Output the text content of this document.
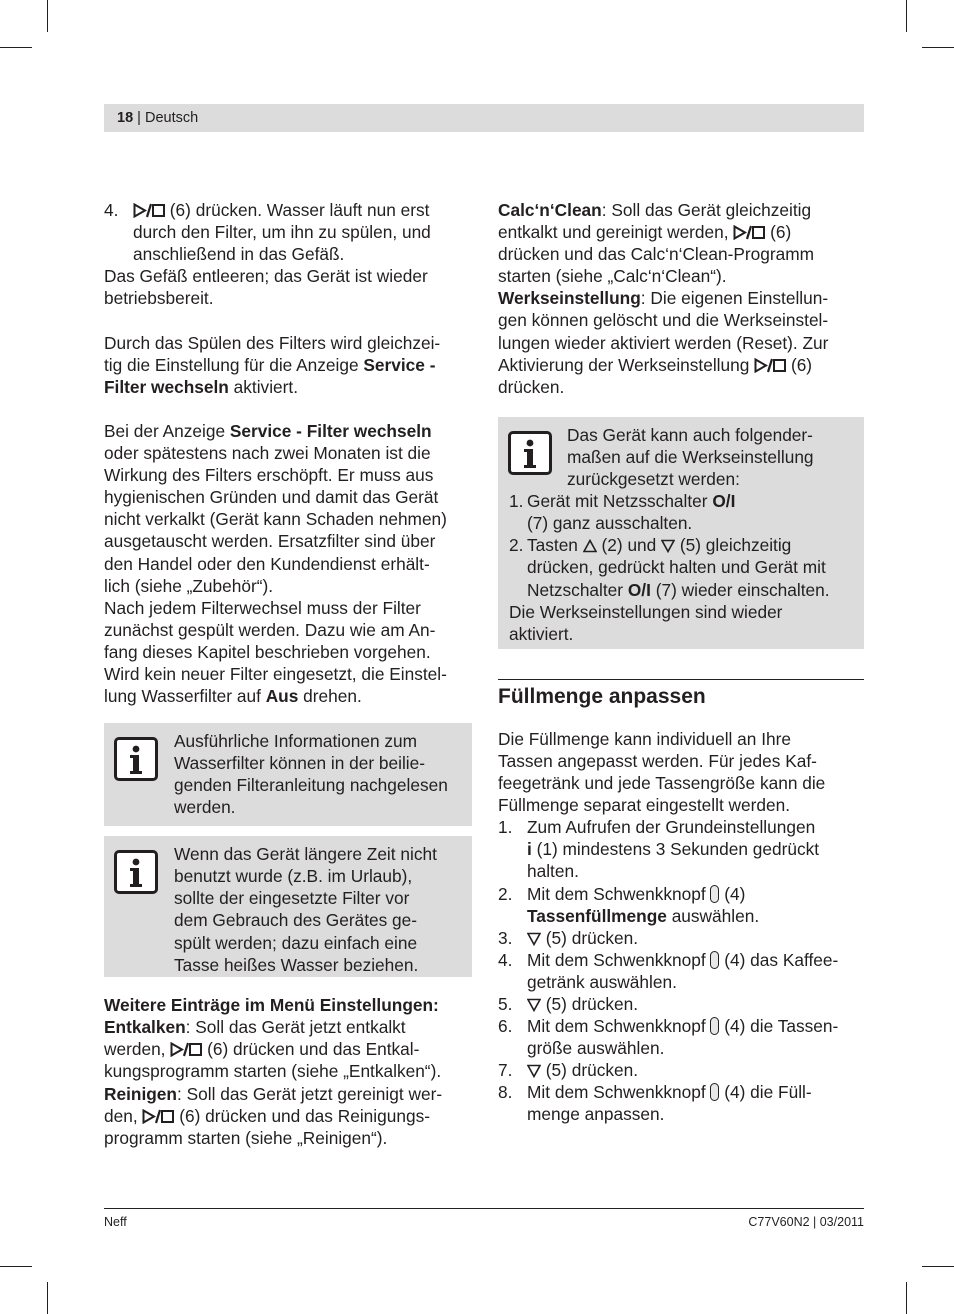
18 | Deutsch
4.	(6) drücken. Wasser läuft nun erst
durch den Filter, um ihn zu spülen, und
anschließend in das Gefäß.
Das Gefäß entleeren; das Gerät ist wieder
betriebsbereit.
Durch das Spülen des Filters wird gleichzei-
tig die Einstellung für die Anzeige Service -
Filter wechseln aktiviert.
Bei der Anzeige Service - Filter wechseln
oder spätestens nach zwei Monaten ist die
Wirkung des Filters erschöpft. Er muss aus
hygienischen Gründen und damit das Gerät
nicht verkalkt (Gerät kann Schaden nehmen)
ausgetauscht werden. Ersatzfilter sind über
den Handel oder den Kundendienst erhält-
lich (siehe „Zubehör“).
Nach jedem Filterwechsel muss der Filter
zunächst gespült werden. Dazu wie am An-
fang dieses Kapitel beschrieben vorgehen.
Wird kein neuer Filter eingesetzt, die Einstel-
lung Wasserfilter auf Aus drehen.
Ausführliche Informationen zum
Wasserfilter können in der beilie-
genden Filteranleitung nachgelesen
werden.
Wenn das Gerät längere Zeit nicht
benutzt wurde (z.B. im Urlaub),
sollte der eingesetzte Filter vor
dem Gebrauch des Gerätes ge-
spült werden; dazu einfach eine
Tasse heißes Wasser beziehen.
Weitere Einträge im Menü Einstellungen:
Entkalken: Soll das Gerät jetzt entkalkt
werden,  (6) drücken und das Entkal-
kungsprogramm starten (siehe „Entkalken“).
Reinigen: Soll das Gerät jetzt gereinigt wer-
den,  (6) drücken und das Reinigungs-
programm starten (siehe „Reinigen“).
Calc‘n‘Clean: Soll das Gerät gleichzeitig
entkalkt und gereinigt werden,  (6)
drücken und das Calc‘n‘Clean-Programm
starten (siehe „Calc‘n‘Clean“).
Werkseinstellung: Die eigenen Einstellun-
gen können gelöscht und die Werkseinstel-
lungen wieder aktiviert werden (Reset). Zur
Aktivierung der Werkseinstellung  (6)
drücken.
Das Gerät kann auch folgender-
maßen auf die Werkseinstellung
zurückgesetzt werden:
1. Gerät mit Netzsschalter O/I
(7) ganz ausschalten.
2. Tasten  (2) und  (5) gleichzeitig
drücken, gedrückt halten und Gerät mit
Netzschalter O/I (7) wieder einschalten.
Die Werkseinstellungen sind wieder
aktiviert.
Füllmenge anpassen
Die Füllmenge kann individuell an Ihre
Tassen angepasst werden. Für jedes Kaf-
feegetränk und jede Tassengröße kann die
Füllmenge separat eingestellt werden.
1. Zum Aufrufen der Grundeinstellungen
i (1) mindestens 3 Sekunden gedrückt
halten.
2. Mit dem Schwenkknopf  (4)
Tassenfüllmenge auswählen.
3.	(5) drücken.
4. Mit dem Schwenkknopf  (4) das Kaffee-
getränk auswählen.
5.	(5) drücken.
6. Mit dem Schwenkknopf  (4) die Tassen-
größe auswählen.
7.	(5) drücken.
8. Mit dem Schwenkknopf  (4) die Füll-
menge anpassen.
Neff	C77V60N2 | 03/2011
